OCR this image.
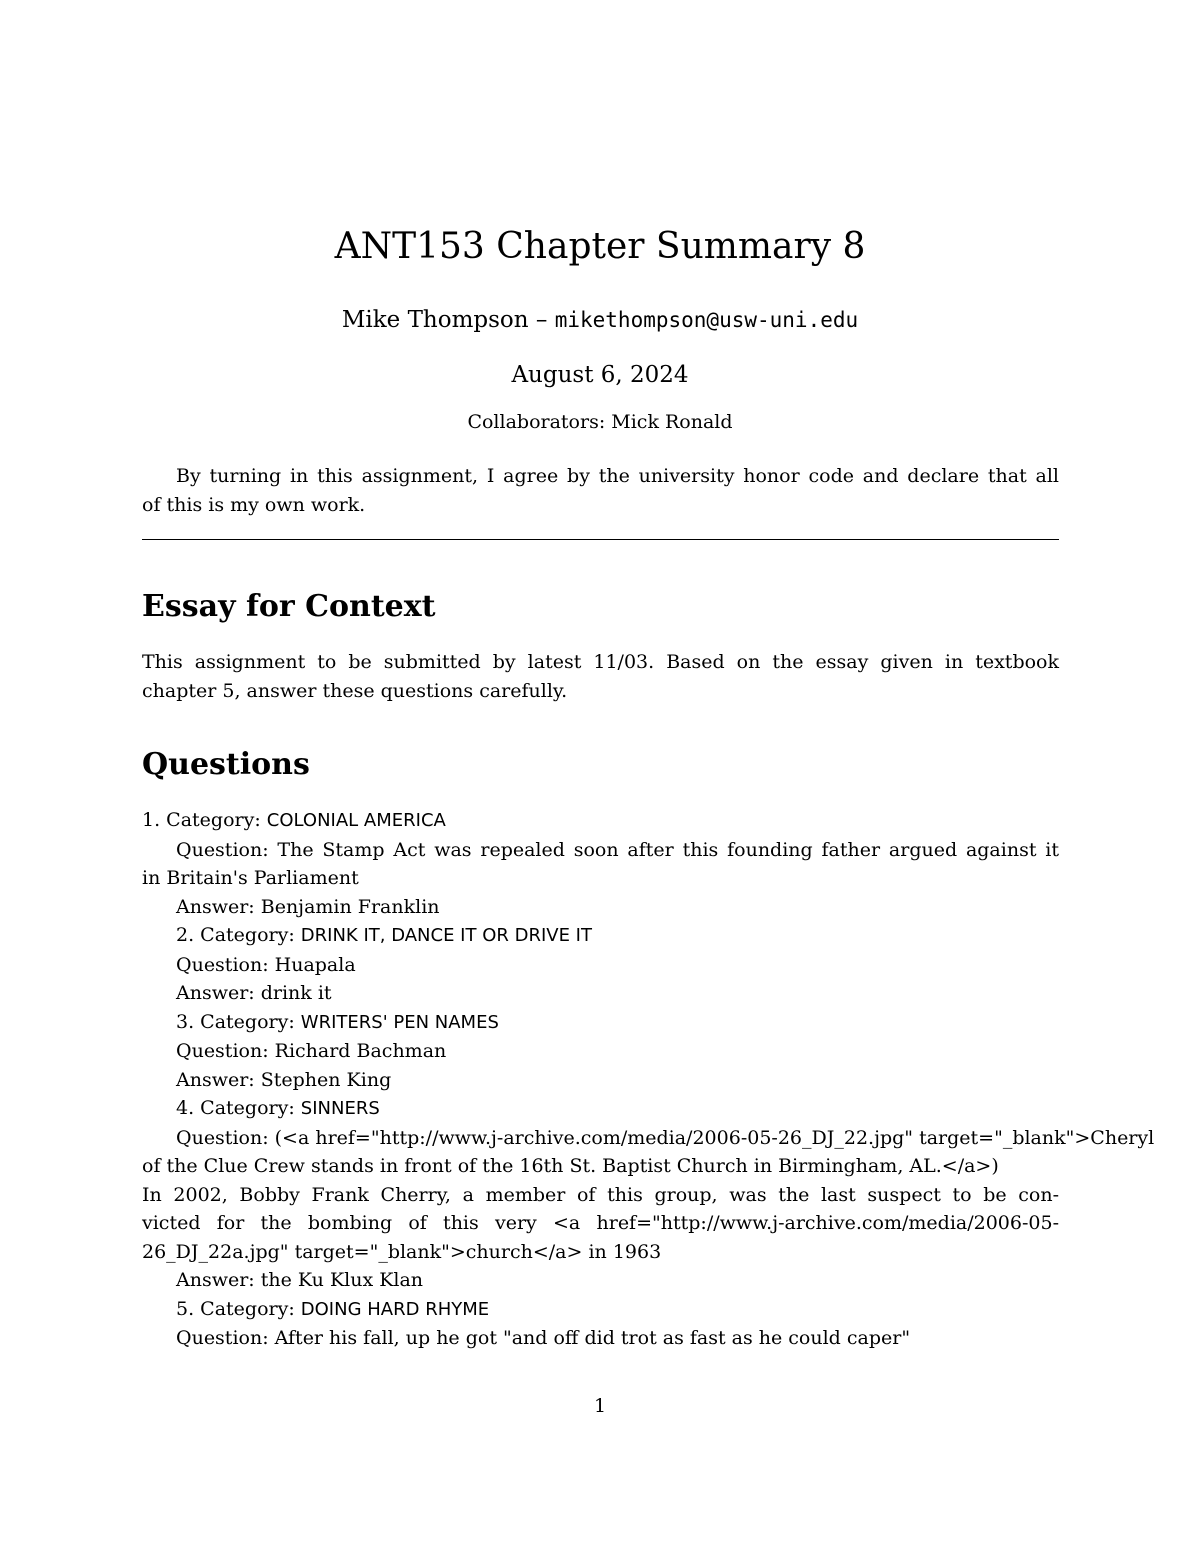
ANT153 Chapter Summary 8
Mike Thompson – mikethompson@usw-uni.edu
August 6, 2024
Collaborators: Mick Ronald
By turning in this assignment, I agree by the university honor code and declare that all
of this is my own work.
Essay for Context
This assignment to be submitted by latest 11/03. Based on the essay given in textbook
chapter 5, answer these questions carefully.
Questions
1. Category: COLONIAL AMERICA
Question: The Stamp Act was repealed soon after this founding father argued against it
in Britain's Parliament
Answer: Benjamin Franklin
2. Category: DRINK IT, DANCE IT OR DRIVE IT
Question: Huapala
Answer: drink it
3. Category: WRITERS' PEN NAMES
Question: Richard Bachman
Answer: Stephen King
4. Category: SINNERS
Question: (<a href="http://www.j-archive.com/media/2006-05-26_DJ_22.jpg" target="_blank">Cheryl
of the Clue Crew stands in front of the 16th St. Baptist Church in Birmingham, AL.</a>)
In 2002, Bobby Frank Cherry, a member of this group, was the last suspect to be con-
victed for the bombing of this very <a href="http://www.j-archive.com/media/2006-05-
26_DJ_22a.jpg" target="_blank">church</a> in 1963
Answer: the Ku Klux Klan
5. Category: DOING HARD RHYME
Question: After his fall, up he got "and off did trot as fast as he could caper"
1
